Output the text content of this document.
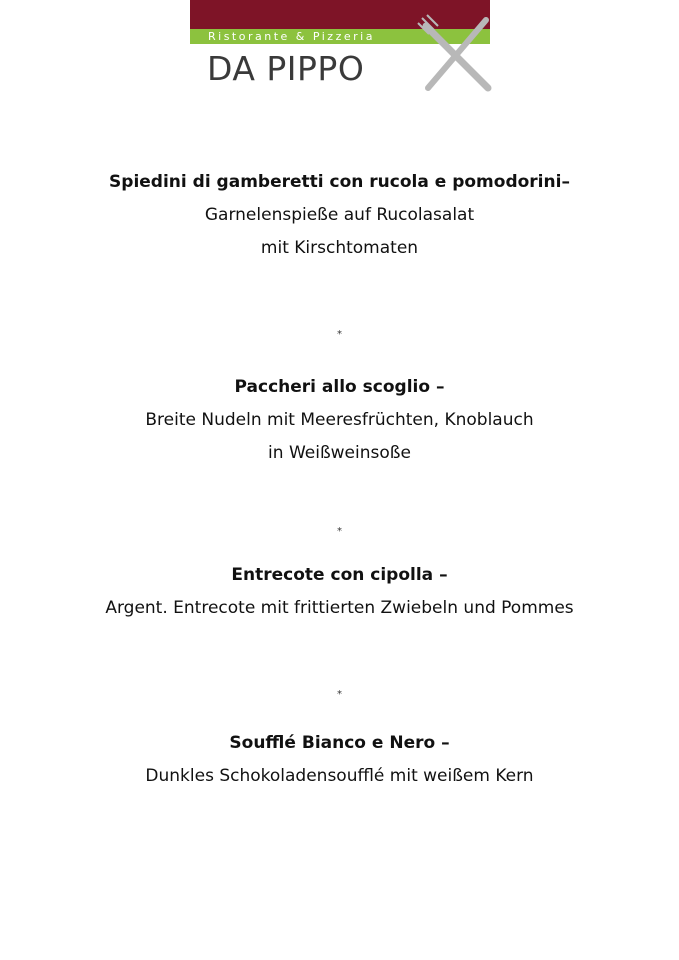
Ristorante & Pizzeria
DA PIPPO
Spiedini di gamberetti con rucola e pomodorini–
Garnelenspieße auf Rucolasalat
mit Kirschtomaten
*
Paccheri allo scoglio –
Breite Nudeln mit Meeresfrüchten, Knoblauch
in Weißweinsoße
*
Entrecote con cipolla –
Argent. Entrecote mit frittierten Zwiebeln und Pommes
*
Soufflé Bianco e Nero –
Dunkles Schokoladensoufflé mit weißem Kern
